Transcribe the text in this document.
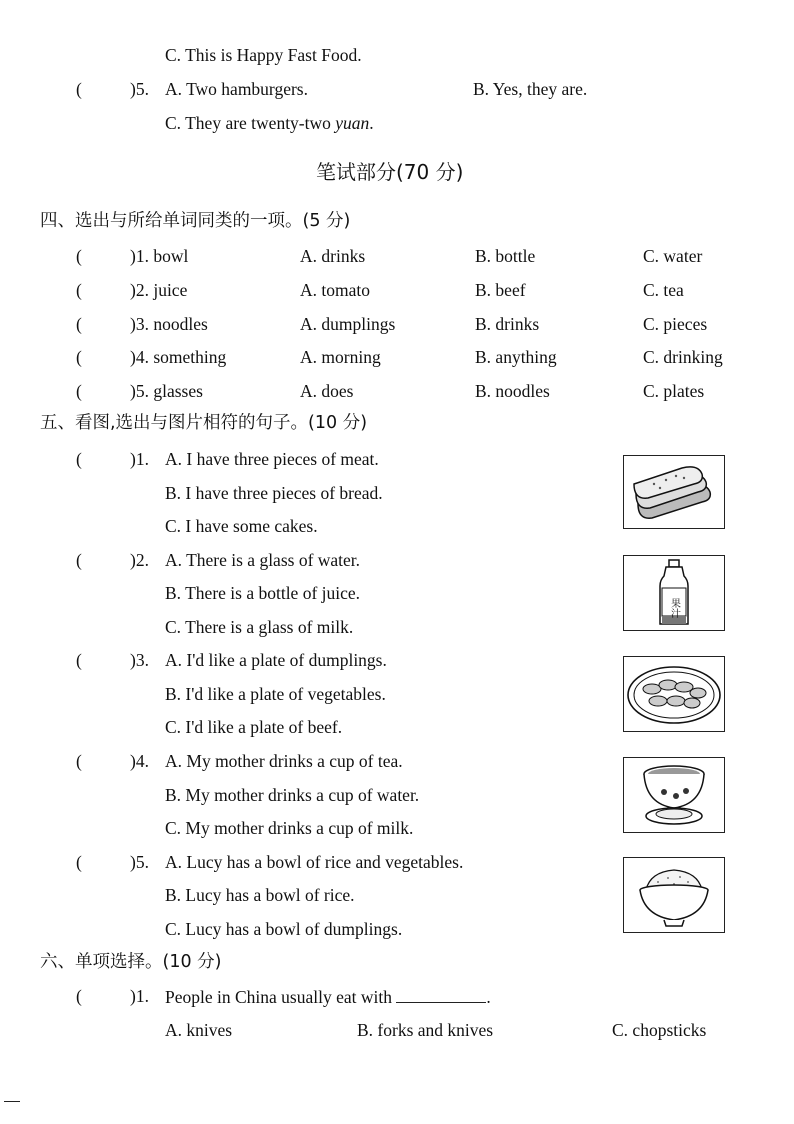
C. This is Happy Fast Food.
(	)5. A. Two hamburgers.	B. Yes, they are.
C. They are twenty-two yuan.
笔试部分(70 分)
四、选出与所给单词同类的一项。(5 分)
(	)1. bowl	A. drinks	B. bottle	C. water
(	)2. juice	A. tomato	B. beef	C. tea
(	)3. noodles	A. dumplings	B. drinks	C. pieces
(	)4. something	A. morning	B. anything	C. drinking
(	)5. glasses	A. does	B. noodles	C. plates
五、看图,选出与图片相符的句子。(10 分)
(	)1. A. I have three pieces of meat.
B. I have three pieces of bread.
C. I have some cakes.
(	)2. A. There is a glass of water.
B. There is a bottle of juice.
C. There is a glass of milk.
(	)3. A. I'd like a plate of dumplings.
B. I'd like a plate of vegetables.
C. I'd like a plate of beef.
(	)4. A. My mother drinks a cup of tea.
B. My mother drinks a cup of water.
C. My mother drinks a cup of milk.
(	)5. A. Lucy has a bowl of rice and vegetables.
B. Lucy has a bowl of rice.
C. Lucy has a bowl of dumplings.
果汁
六、单项选择。(10 分)
(	)1. People in China usually eat with	.
A. knives	B. forks and knives	C. chopsticks
